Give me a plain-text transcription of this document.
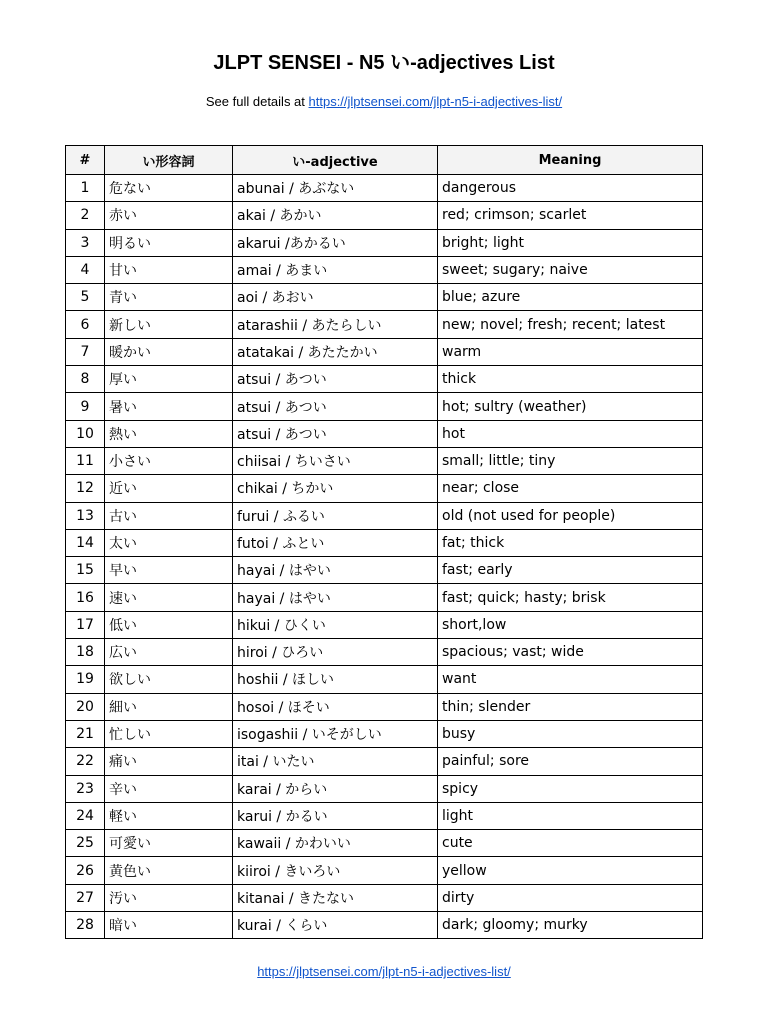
JLPT SENSEI - N5 い-adjectives List
See full details at https://jlptsensei.com/jlpt-n5-i-adjectives-list/
#	い形容詞	い-adjective	Meaning
1	危ない	abunai / あぶない	dangerous
2	赤い	akai / あかい	red; crimson; scarlet
3	明るい	akarui /あかるい	bright; light
4	甘い	amai / あまい	sweet; sugary; naive
5	青い	aoi / あおい	blue; azure
6	新しい	atarashii / あたらしい	new; novel; fresh; recent; latest
7	暖かい	atatakai / あたたかい	warm
8	厚い	atsui / あつい	thick
9	暑い	atsui / あつい	hot; sultry (weather)
10	熱い	atsui / あつい	hot
11	小さい	chiisai / ちいさい	small; little; tiny
12	近い	chikai / ちかい	near; close
13	古い	furui / ふるい	old (not used for people)
14	太い	futoi / ふとい	fat; thick
15	早い	hayai / はやい	fast; early
16	速い	hayai / はやい	fast; quick; hasty; brisk
17	低い	hikui / ひくい	short,low
18	広い	hiroi / ひろい	spacious; vast; wide
19	欲しい	hoshii / ほしい	want
20	細い	hosoi / ほそい	thin; slender
21	忙しい	isogashii / いそがしい	busy
22	痛い	itai / いたい	painful; sore
23	辛い	karai / からい	spicy
24	軽い	karui / かるい	light
25	可愛い	kawaii / かわいい	cute
26	黄色い	kiiroi / きいろい	yellow
27	汚い	kitanai / きたない	dirty
28	暗い	kurai / くらい	dark; gloomy; murky
https://jlptsensei.com/jlpt-n5-i-adjectives-list/
